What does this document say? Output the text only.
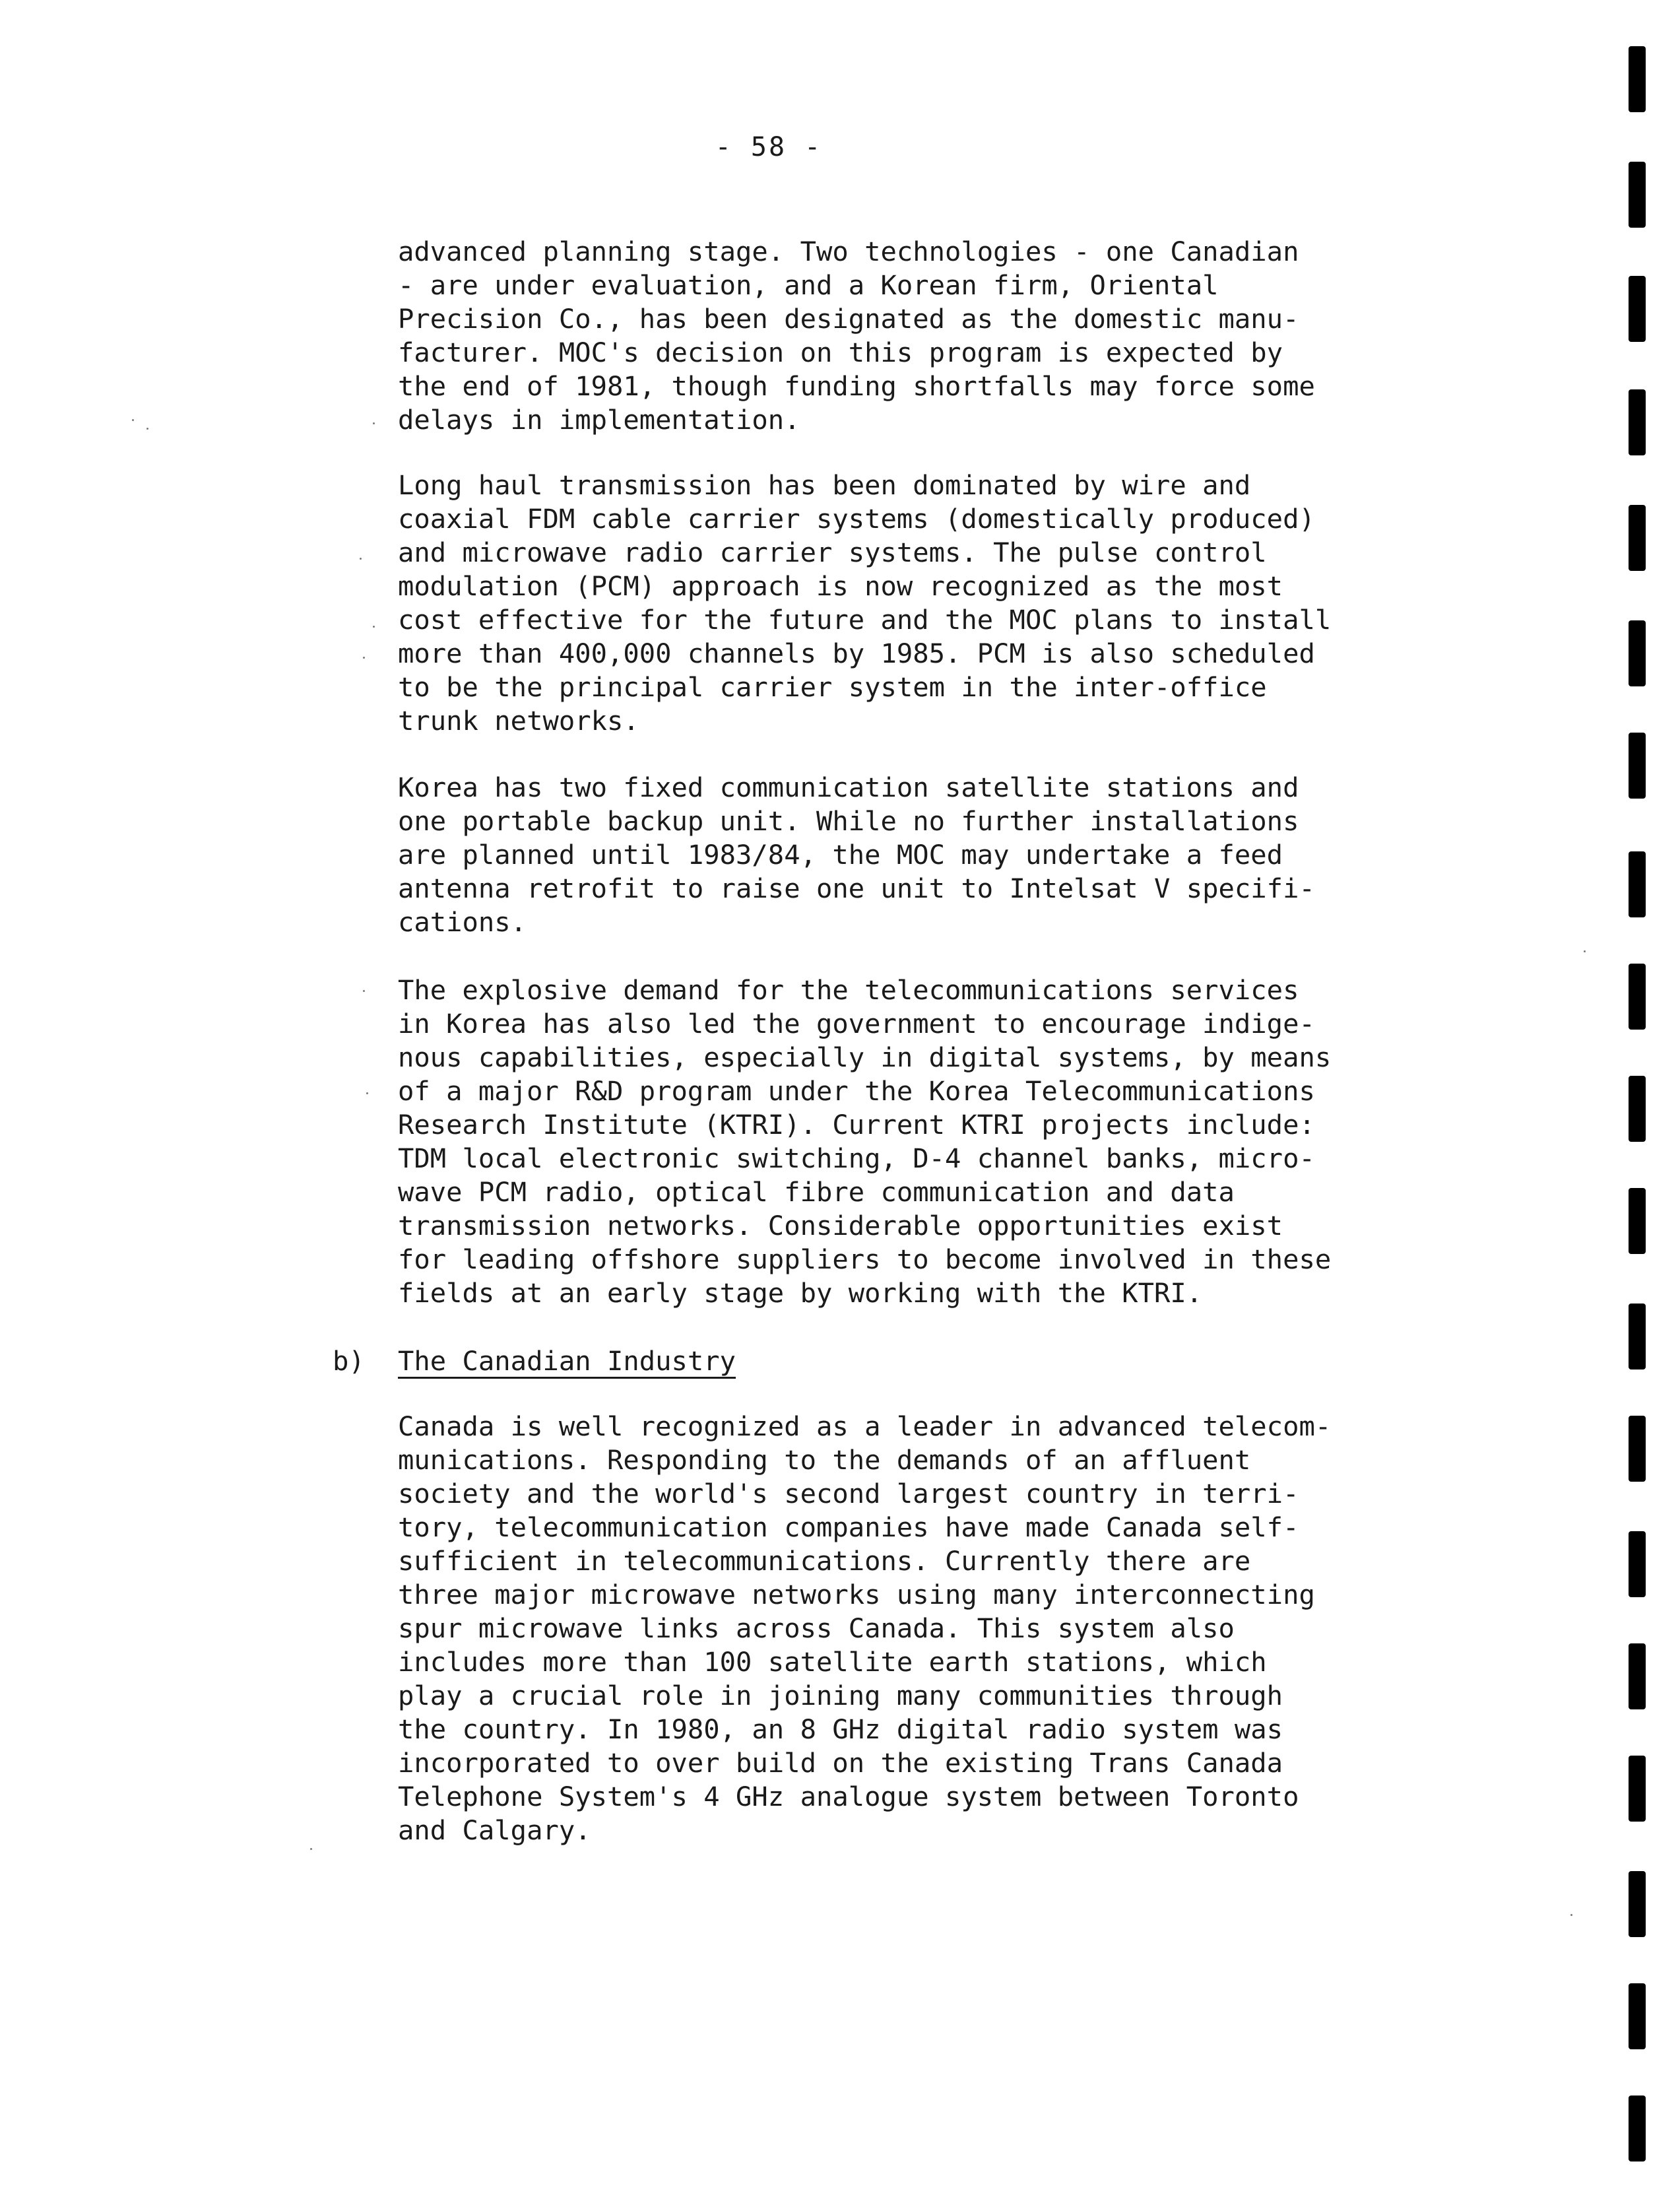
- 58 -
advanced planning stage. Two technologies - one Canadian
- are under evaluation, and a Korean firm, Oriental
Precision Co., has been designated as the domestic manu-
facturer. MOC's decision on this program is expected by
the end of 1981, though funding shortfalls may force some
delays in implementation.
Long haul transmission has been dominated by wire and
coaxial FDM cable carrier systems (domestically produced)
and microwave radio carrier systems. The pulse control
modulation (PCM) approach is now recognized as the most
cost effective for the future and the MOC plans to install
more than 400,000 channels by 1985. PCM is also scheduled
to be the principal carrier system in the inter-office
trunk networks.
Korea has two fixed communication satellite stations and
one portable backup unit. While no further installations
are planned until 1983/84, the MOC may undertake a feed
antenna retrofit to raise one unit to Intelsat V specifi-
cations.
The explosive demand for the telecommunications services
in Korea has also led the government to encourage indige-
nous capabilities, especially in digital systems, by means
of a major R&D program under the Korea Telecommunications
Research Institute (KTRI). Current KTRI projects include:
TDM local electronic switching, D-4 channel banks, micro-
wave PCM radio, optical fibre communication and data
transmission networks. Considerable opportunities exist
for leading offshore suppliers to become involved in these
fields at an early stage by working with the KTRI.
b) The Canadian Industry
Canada is well recognized as a leader in advanced telecom-
munications. Responding to the demands of an affluent
society and the world's second largest country in terri-
tory, telecommunication companies have made Canada self-
sufficient in telecommunications. Currently there are
three major microwave networks using many interconnecting
spur microwave links across Canada. This system also
includes more than 100 satellite earth stations, which
play a crucial role in joining many communities through
the country. In 1980, an 8 GHz digital radio system was
incorporated to over build on the existing Trans Canada
Telephone System's 4 GHz analogue system between Toronto
and Calgary.
